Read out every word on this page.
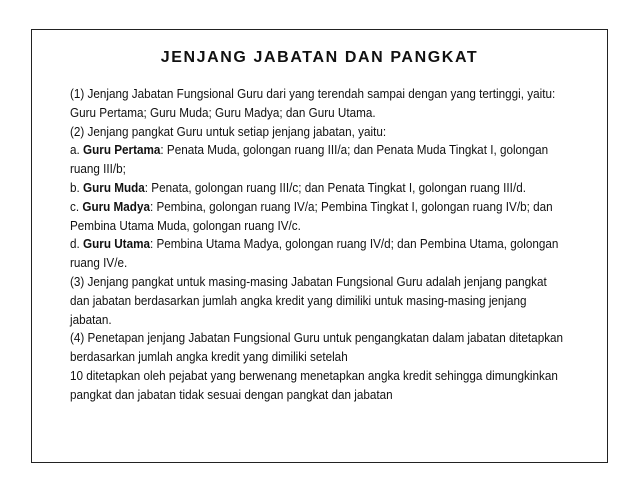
JENJANG JABATAN DAN PANGKAT

(1) Jenjang Jabatan Fungsional Guru dari yang terendah sampai dengan yang tertinggi, yaitu: Guru Pertama; Guru Muda; Guru Madya; dan Guru Utama.

(2) Jenjang pangkat Guru untuk setiap jenjang jabatan, yaitu:

a. Guru Pertama: Penata Muda, golongan ruang III/a; dan Penata Muda Tingkat I, golongan ruang III/b;

b. Guru Muda: Penata, golongan ruang III/c; dan Penata Tingkat I, golongan ruang III/d.

c. Guru Madya: Pembina, golongan ruang IV/a; Pembina Tingkat I, golongan ruang IV/b; dan Pembina Utama Muda, golongan ruang IV/c.

d. Guru Utama: Pembina Utama Madya, golongan ruang IV/d; dan Pembina Utama, golongan ruang IV/e.

(3) Jenjang pangkat untuk masing-masing Jabatan Fungsional Guru adalah jenjang pangkat dan jabatan berdasarkan jumlah angka kredit yang dimiliki untuk masing-masing jenjang jabatan.

(4) Penetapan jenjang Jabatan Fungsional Guru untuk pengangkatan dalam jabatan ditetapkan berdasarkan jumlah angka kredit yang dimiliki setelah

10 ditetapkan oleh pejabat yang berwenang menetapkan angka kredit sehingga dimungkinkan pangkat dan jabatan tidak sesuai dengan pangkat dan jabatan
